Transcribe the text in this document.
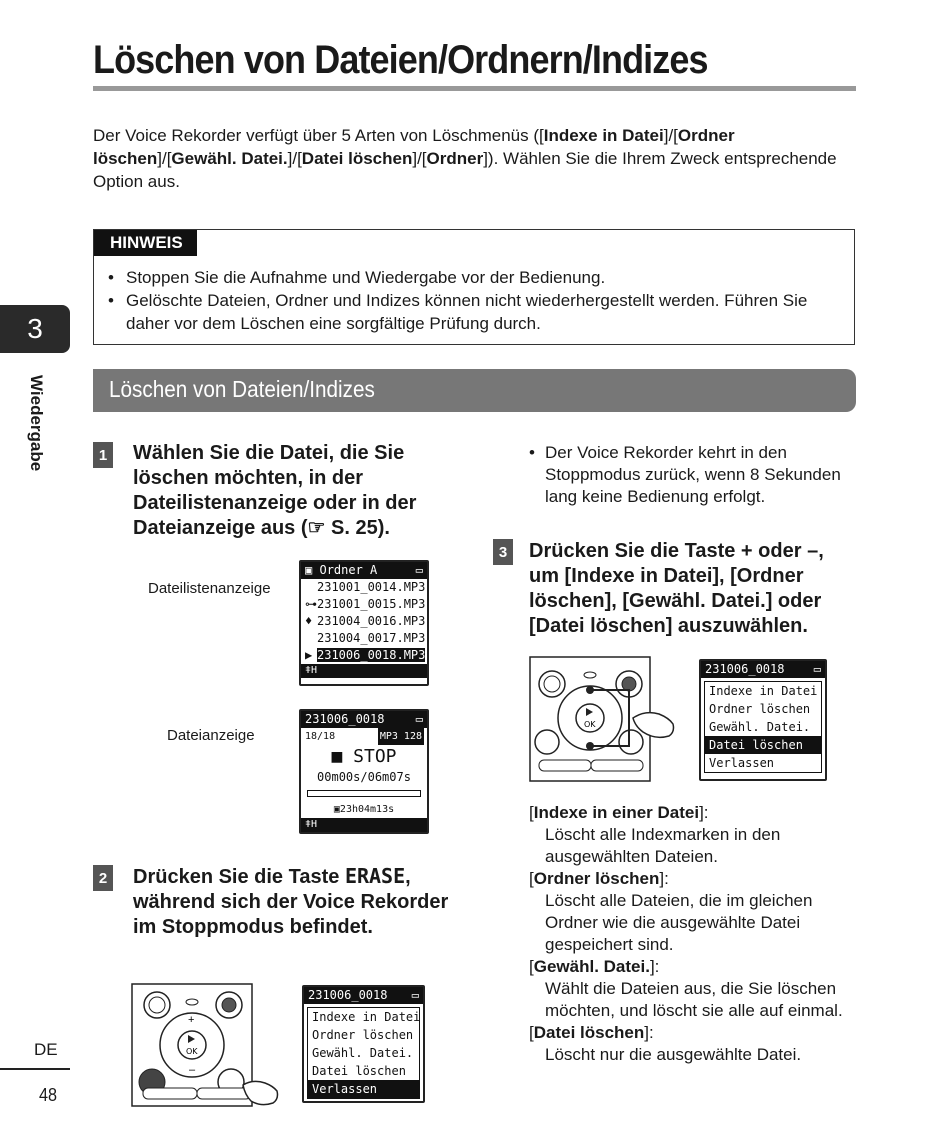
Löschen von Dateien/Ordnern/Indizes
Der Voice Rekorder verfügt über 5 Arten von Löschmenüs ([Indexe in Datei]/[Ordner löschen]/[Gewähl. Datei.]/[Datei löschen]/[Ordner]). Wählen Sie die Ihrem Zweck entsprechende Option aus.
HINWEIS
• Stoppen Sie die Aufnahme und Wiedergabe vor der Bedienung.
• Gelöschte Dateien, Ordner und Indizes können nicht wiederhergestellt werden. Führen Sie daher vor dem Löschen eine sorgfältige Prüfung durch.
3
Wiedergabe	Löschen von Dateien/Indizes
1 Wählen Sie die Datei, die Sie löschen möchten, in der Dateilistenanzeige oder in der Dateianzeige aus (☞ S. 25).
Dateilistenanzeige
▣ Ordner A	▭
231001_0014.MP3
⊶231001_0015.MP3
♦ 231004_0016.MP3
231004_0017.MP3
▶ 231006_0018.MP3
ǂH
Dateianzeige
231006_0018	▭
18/18	MP3 128
■ STOP
00m00s/06m07s
▣23h04m13s
ǂH
2 Drücken Sie die Taste ERASE, während sich der Voice Rekorder im Stoppmodus befindet.
OK
+
–
231006_0018 ▭
Indexe in Datei
Ordner löschen
Gewähl. Datei.
Datei löschen
Verlassen
• Der Voice Rekorder kehrt in den Stoppmodus zurück, wenn 8 Sekunden lang keine Bedienung erfolgt.
3 Drücken Sie die Taste + oder –, um [Indexe in Datei], [Ordner löschen], [Gewähl. Datei.] oder [Datei löschen] auszuwählen.
OK
231006_0018 ▭
Indexe in Datei
Ordner löschen
Gewähl. Datei.
Datei löschen
Verlassen
[Indexe in einer Datei]:
Löscht alle Indexmarken in den ausgewählten Dateien.
[Ordner löschen]:
Löscht alle Dateien, die im gleichen Ordner wie die ausgewählte Datei gespeichert sind.
[Gewähl. Datei.]:
Wählt die Dateien aus, die Sie löschen möchten, und löscht sie alle auf einmal.
[Datei löschen]:
Löscht nur die ausgewählte Datei.
DE
48
